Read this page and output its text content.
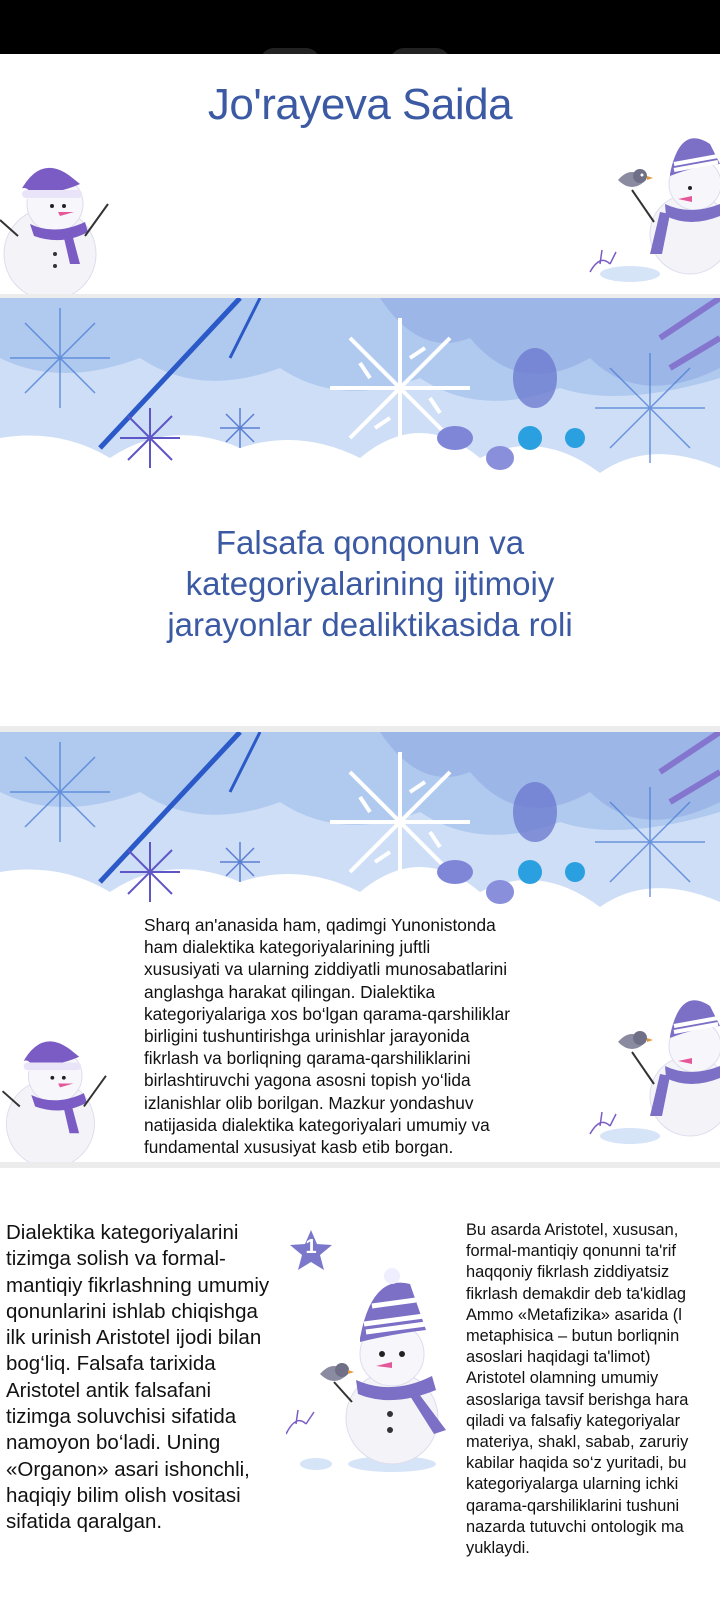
Jo'rayeva Saida
Falsafa qonqonun va kategoriyalarining ijtimoiy jarayonlar dealiktikasida roli
Sharq an'anasida ham, qadimgi Yunonistonda
ham dialektika kategoriyalarining juftli
xususiyati va ularning ziddiyatli munosabatlarini
anglashga harakat qilingan. Dialektika
kategoriyalariga xos bo‘lgan qarama-qarshiliklar
birligini tushuntirishga urinishlar jarayonida
fikrlash va borliqning qarama-qarshiliklarini
birlashtiruvchi yagona asosni topish yo‘lida
izlanishlar olib borilgan. Mazkur yondashuv
natijasida dialektika kategoriyalari umumiy va
fundamental xususiyat kasb etib borgan.
Dialektika kategoriyalarini
tizimga solish va formal-
mantiqiy fikrlashning umumiy
qonunlarini ishlab chiqishga
ilk urinish Aristotel ijodi bilan
bog‘liq. Falsafa tarixida
Aristotel antik falsafani
tizimga soluvchisi sifatida
namoyon bo‘ladi. Uning
«Organon» asari ishonchli,
haqiqiy bilim olish vositasi
sifatida qaralgan.
1
Bu asarda Aristotel, xususan,
formal-mantiqiy qonunni ta'rif
haqqoniy fikrlash ziddiyatsiz
fikrlash demakdir deb ta'kidlag
Ammo «Metafizika» asarida (l
metaphisica – butun borliqnin
asoslari haqidagi ta'limot)
Aristotel olamning umumiy
asoslariga tavsif berishga hara
qiladi va falsafiy kategoriyalar
materiya, shakl, sabab, zaruriy
kabilar haqida so‘z yuritadi, bu
kategoriyalarga ularning ichki
qarama-qarshiliklarini tushuni
nazarda tutuvchi ontologik ma
yuklaydi.
